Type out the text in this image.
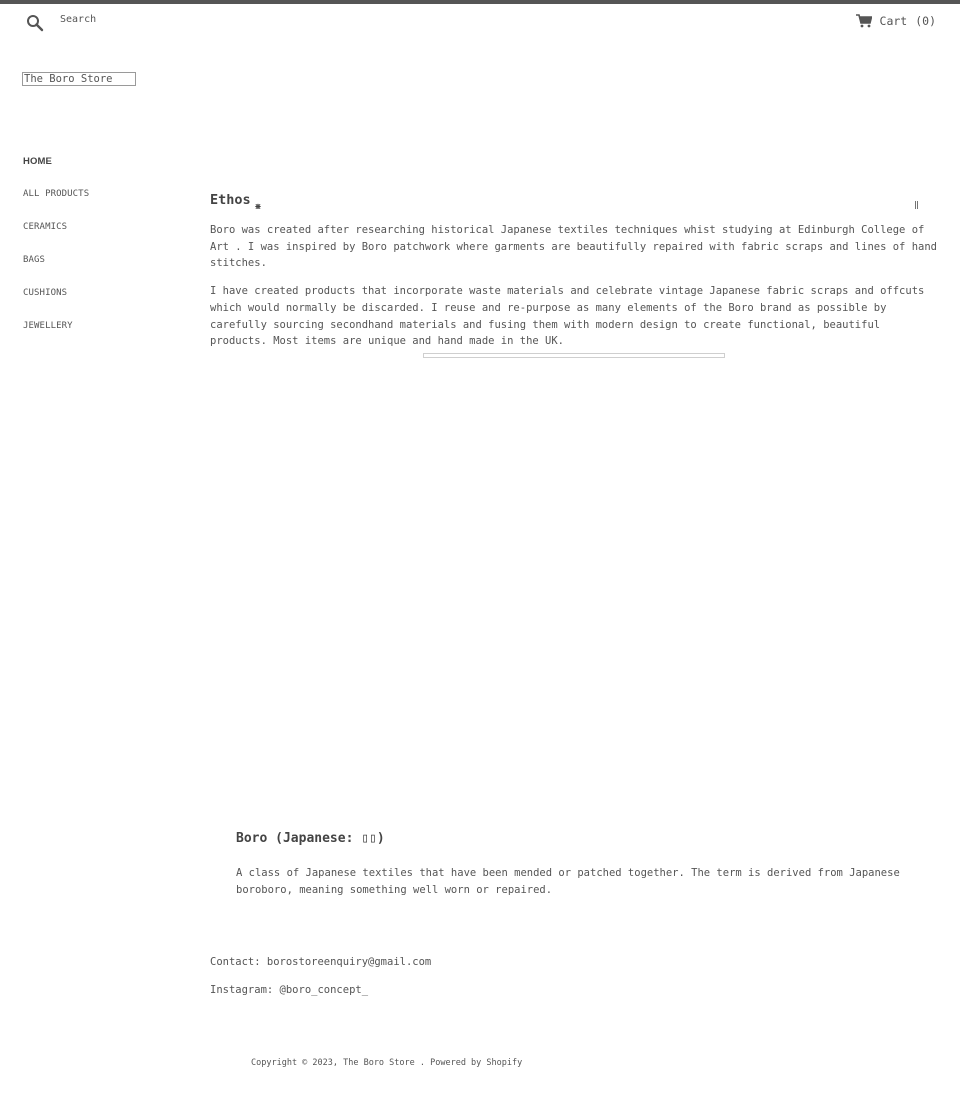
Search	Cart (0)
The Boro Store
HOME
ALL PRODUCTS
CERAMICS
BAGS
CUSHIONS
JEWELLERY
‖
Ethos $_⋇$

Boro was created after researching historical Japanese textiles techniques whist studying at Edinburgh College of Art . I was inspired by Boro patchwork where garments are beautifully repaired with fabric scraps and lines of hand stitches.

I have created products that incorporate waste materials and celebrate vintage Japanese fabric scraps and offcuts which would normally be discarded. I reuse and re-purpose as many elements of the Boro brand as possible by carefully sourcing secondhand materials and fusing them with modern design to create functional, beautiful products. Most items are unique and hand made in the UK.

Boro (Japanese: ▯▯)

A class of Japanese textiles that have been mended or patched together. The term is derived from Japanese boroboro, meaning something well worn or repaired.

Contact: borostoreenquiry@gmail.com
Instagram: @boro_concept_
Copyright © 2023, The Boro Store . Powered by Shopify
